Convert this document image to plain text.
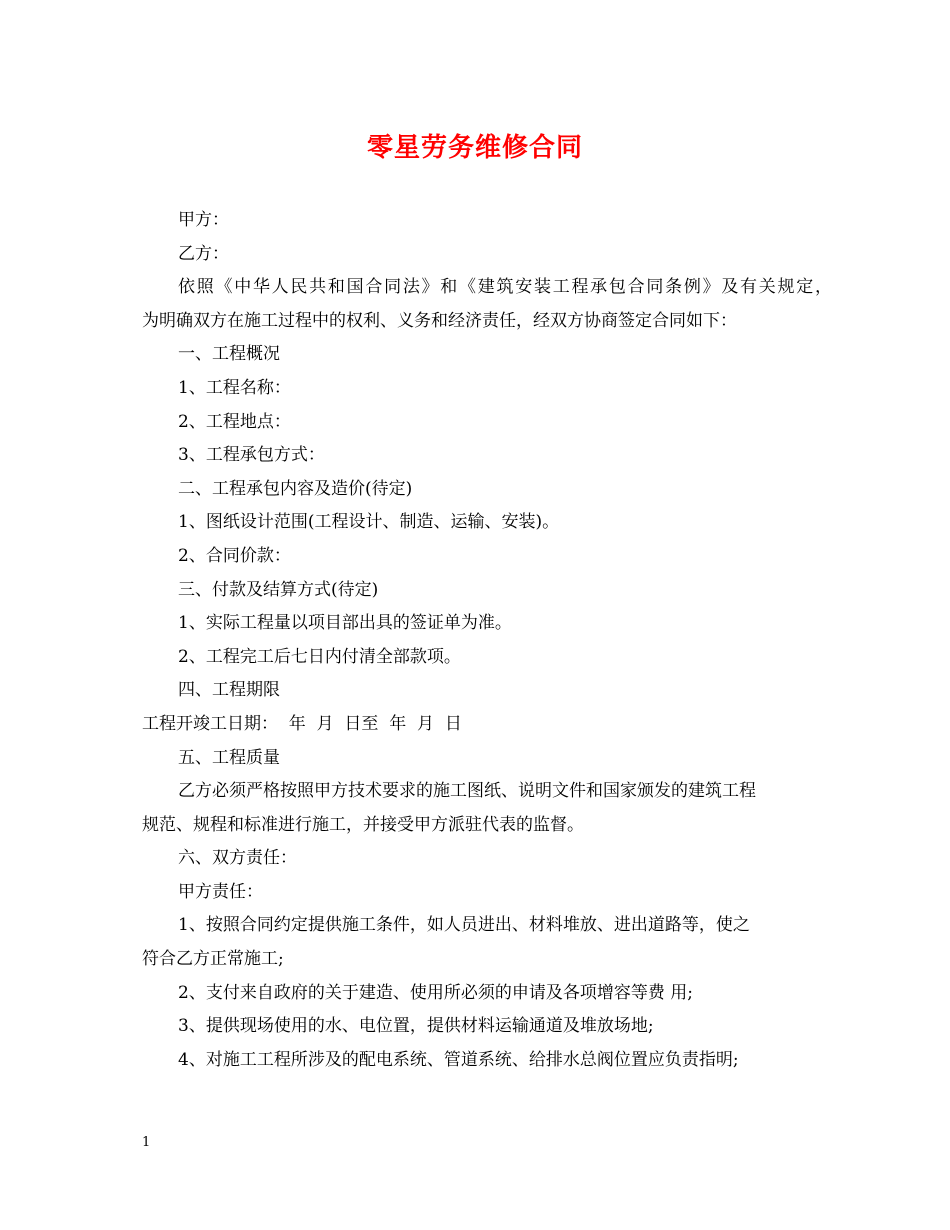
零星劳务维修合同
甲方：
乙方：
依照《中华人民共和国合同法》和《建筑安装工程承包合同条例》及有关规定，
为明确双方在施工过程中的权利、义务和经济责任，经双方协商签定合同如下：
一、工程概况
1、工程名称：
2、工程地点：
3、工程承包方式：
二、工程承包内容及造价(待定)
1、图纸设计范围(工程设计、制造、运输、安装)。
2、合同价款：
三、付款及结算方式(待定)
1、实际工程量以项目部出具的签证单为准。
2、工程完工后七日内付清全部款项。
四、工程期限
工程开竣工日期：  年  月  日至  年  月  日
五、工程质量
乙方必须严格按照甲方技术要求的施工图纸、说明文件和国家颁发的建筑工程
规范、规程和标准进行施工，并接受甲方派驻代表的监督。
六、双方责任：
甲方责任：
1、按照合同约定提供施工条件，如人员进出、材料堆放、进出道路等，使之
符合乙方正常施工;
2、支付来自政府的关于建造、使用所必须的申请及各项增容等费 用;
3、提供现场使用的水、电位置，提供材料运输通道及堆放场地;
4、对施工工程所涉及的配电系统、管道系统、给排水总阀位置应负责指明;
1
